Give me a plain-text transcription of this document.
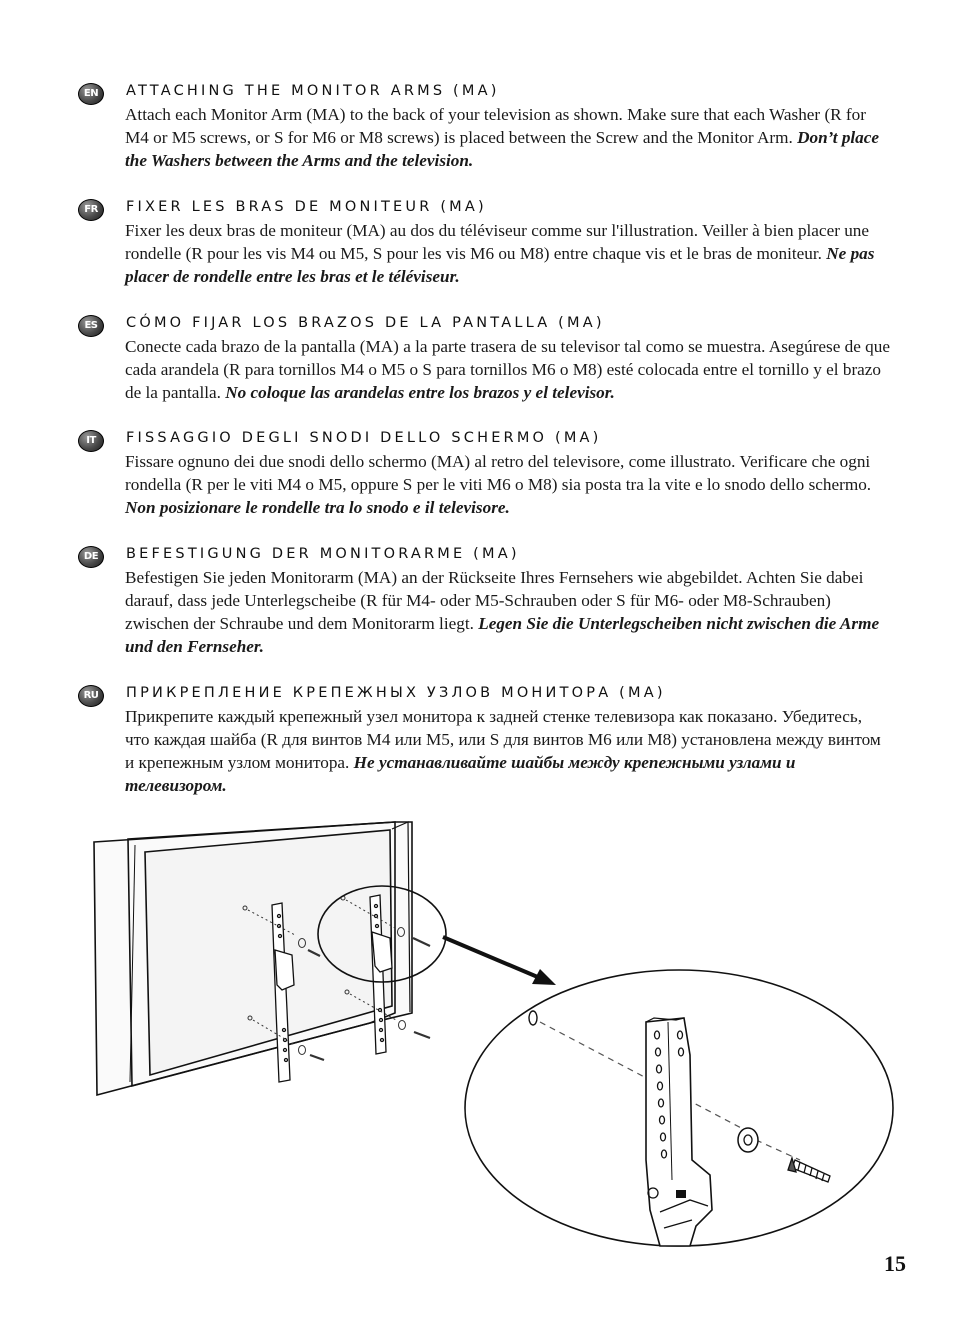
EN	ATTACHING THE MONITOR ARMS (MA)
Attach each Monitor Arm (MA) to the back of your television as shown. Make sure that each Washer (R for M4 or M5 screws, or S for M6 or M8 screws) is placed between the Screw and the Monitor Arm. Don’t place the Washers between the Arms and the television.
FR	FIXER LES BRAS DE MONITEUR (MA)
Fixer les deux bras de moniteur (MA) au dos du téléviseur comme sur l'illustration. Veiller à bien placer une rondelle (R pour les vis M4 ou M5, S pour les vis M6 ou M8) entre chaque vis et le bras de moniteur. Ne pas placer de rondelle entre les bras et le téléviseur.
ES	CÓMO FIJAR LOS BRAZOS DE LA PANTALLA (MA)
Conecte cada brazo de la pantalla (MA) a la parte trasera de su televisor tal como se muestra. Asegúrese de que cada arandela (R para tornillos M4 o M5 o S para tornillos M6 o M8) esté colocada entre el tornillo y el brazo de la pantalla. No coloque las arandelas entre los brazos y el televisor.
IT	FISSAGGIO DEGLI SNODI DELLO SCHERMO (MA)
Fissare ognuno dei due snodi dello schermo (MA) al retro del televisore, come illustrato. Verificare che ogni rondella (R per le viti M4 o M5, oppure S per le viti M6 o M8) sia posta tra la vite e lo snodo dello schermo. Non posizionare le rondelle tra lo snodo e il televisore.
DE	BEFESTIGUNG DER MONITORARME (MA)
Befestigen Sie jeden Monitorarm (MA) an der Rückseite Ihres Fernsehers wie abgebildet. Achten Sie dabei darauf, dass jede Unterlegscheibe (R für M4- oder M5-Schrauben oder S für M6- oder M8-Schrauben) zwischen der Schraube und dem Monitorarm liegt. Legen Sie die Unterlegscheiben nicht zwischen die Arme und den Fernseher.
RU	ПРИКРЕПЛЕНИЕ КРЕПЕЖНЫХ УЗЛОВ МОНИТОРА (MA)
Прикрепите каждый крепежный узел монитора к задней стенке телевизора как показано. Убедитесь, что каждая шайба (R для винтов M4 или M5, или S для винтов M6 или M8) установлена между винтом и крепежным узлом монитора. Не устанавливайте шайбы между крепежными узлами и телевизором.
15
